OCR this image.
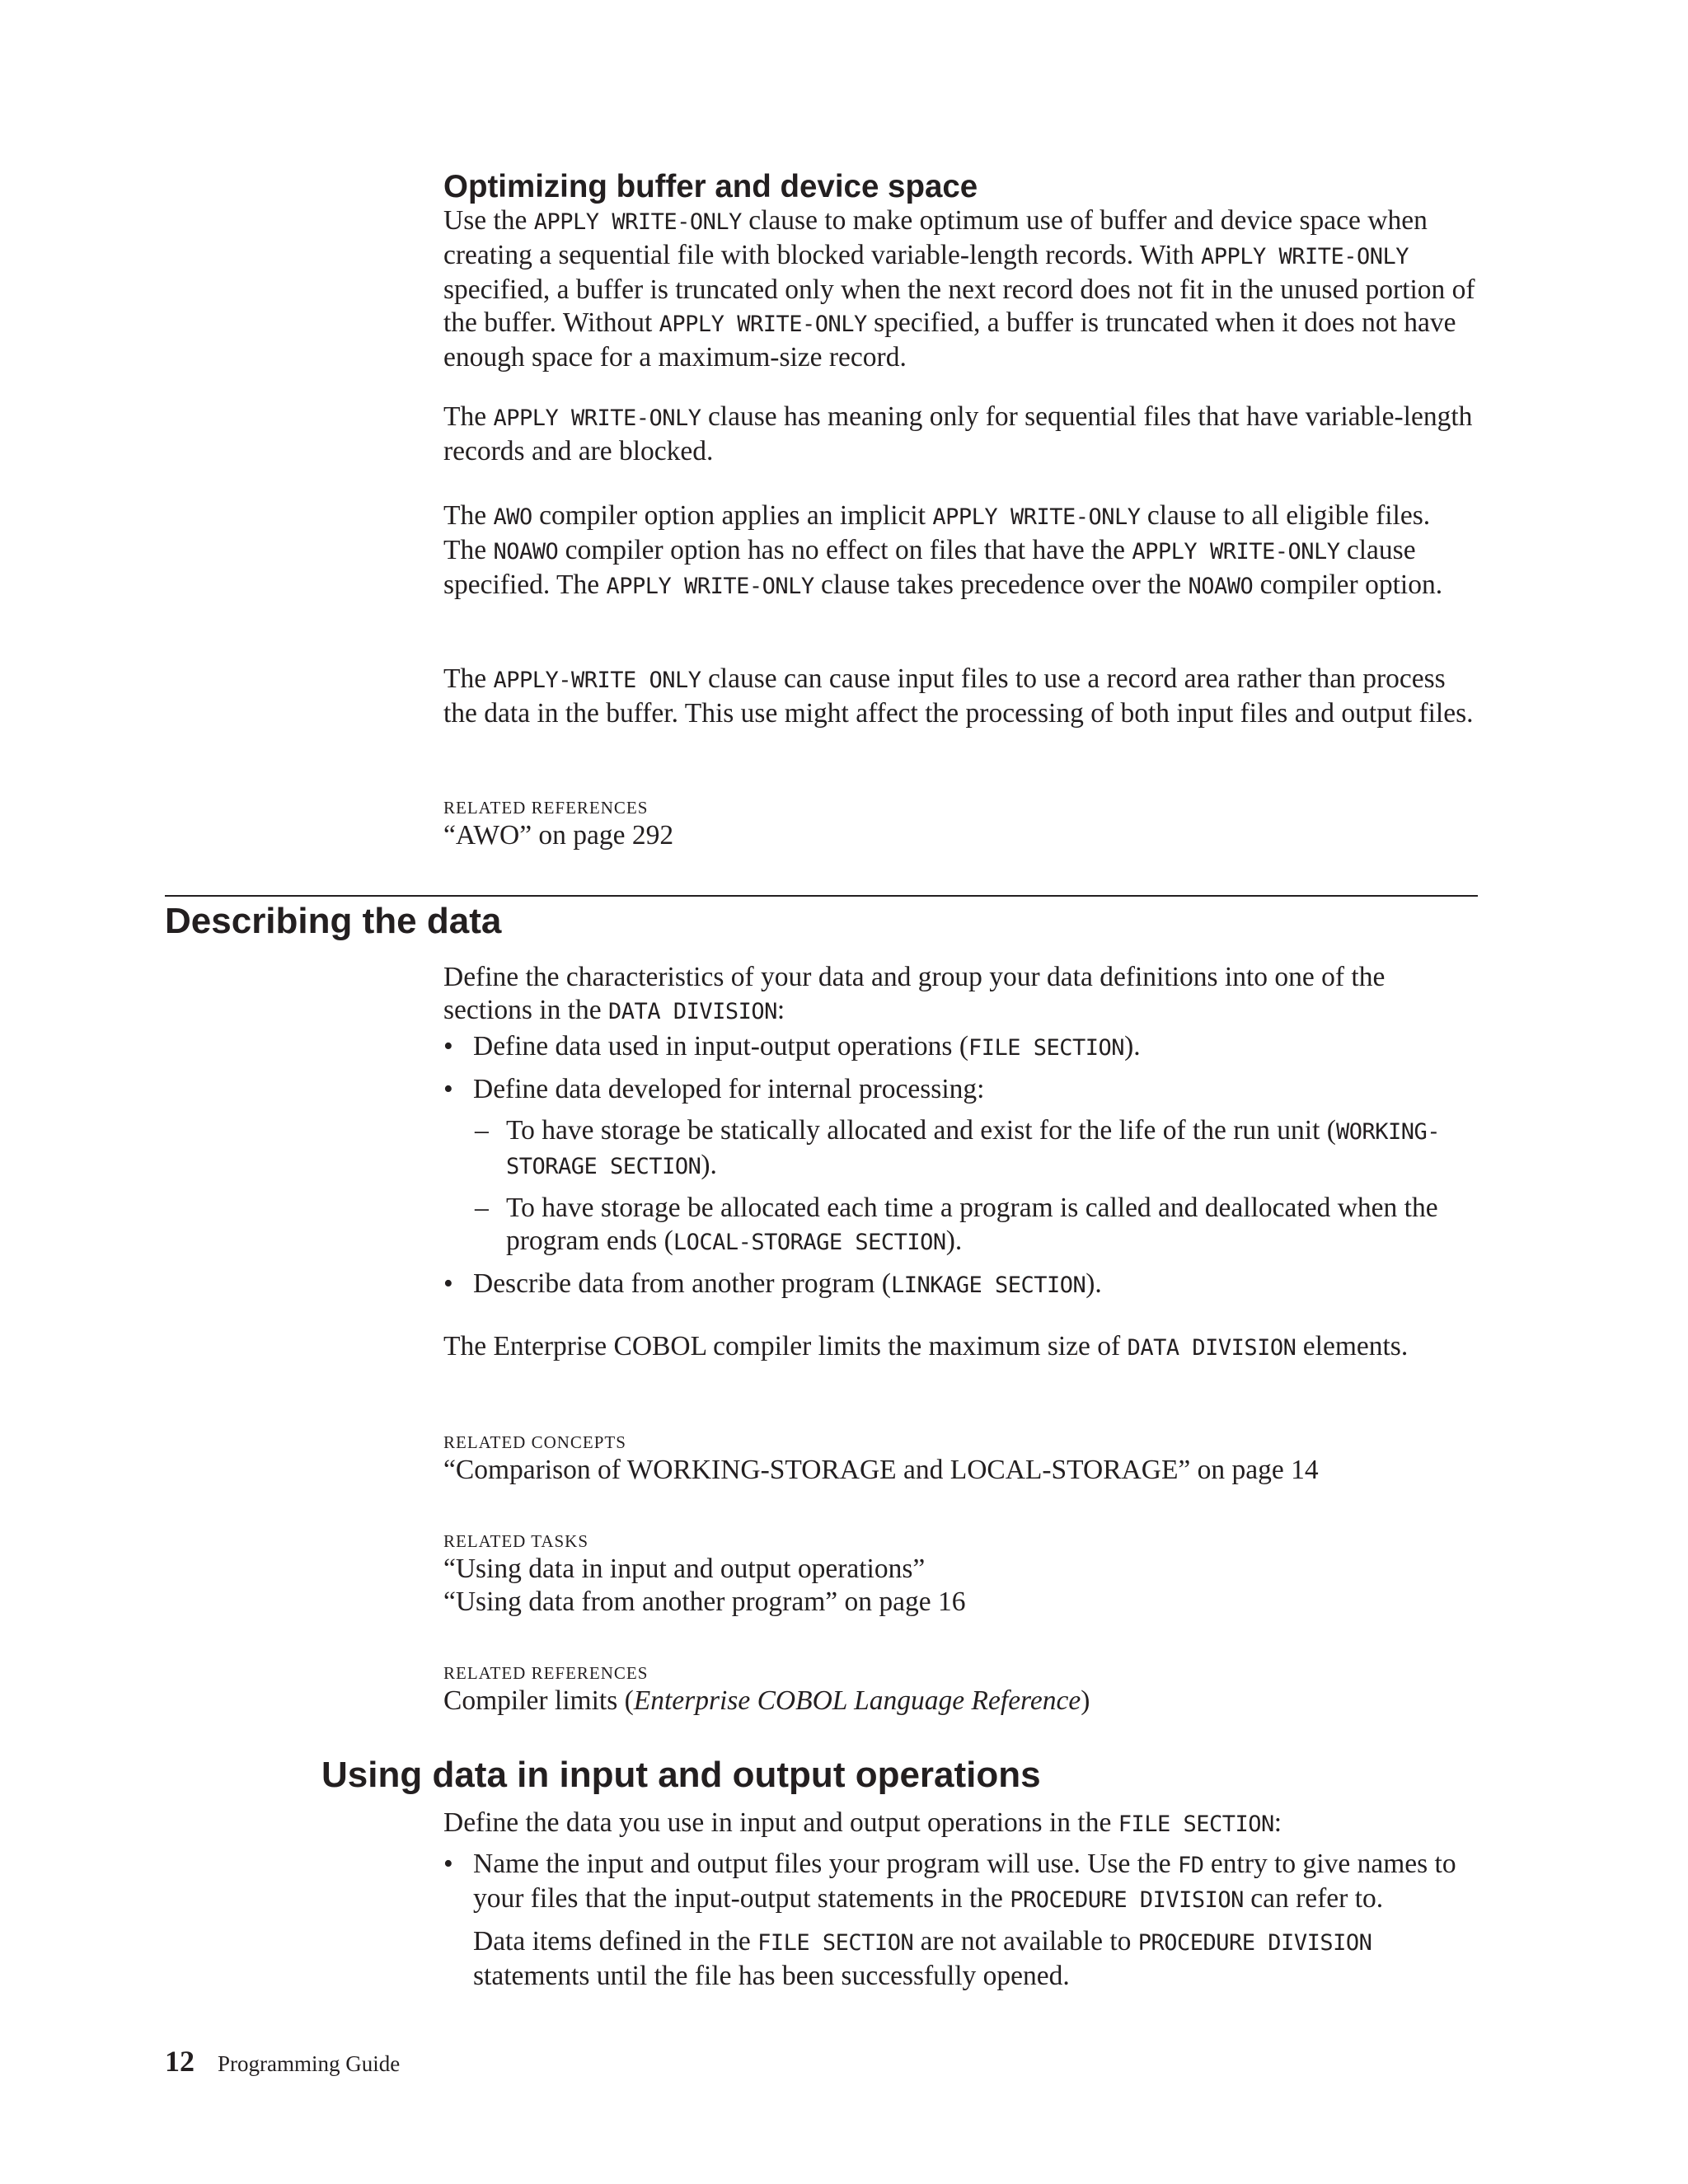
Optimizing buffer and device space
Use the APPLY WRITE-ONLY clause to make optimum use of buffer and device space when creating a sequential file with blocked variable-length records. With APPLY WRITE-ONLY specified, a buffer is truncated only when the next record does not fit in the unused portion of the buffer. Without APPLY WRITE-ONLY specified, a buffer is truncated when it does not have enough space for a maximum-size record.
The APPLY WRITE-ONLY clause has meaning only for sequential files that have variable-length records and are blocked.
The AWO compiler option applies an implicit APPLY WRITE-ONLY clause to all eligible files. The NOAWO compiler option has no effect on files that have the APPLY WRITE-ONLY clause specified. The APPLY WRITE-ONLY clause takes precedence over the NOAWO compiler option.
The APPLY-WRITE ONLY clause can cause input files to use a record area rather than process the data in the buffer. This use might affect the processing of both input files and output files.
RELATED REFERENCES
“AWO” on page 292
Describing the data
Define the characteristics of your data and group your data definitions into one of the sections in the DATA DIVISION:
• Define data used in input-output operations (FILE SECTION).
• Define data developed for internal processing:
– To have storage be statically allocated and exist for the life of the run unit (WORKING-STORAGE SECTION).
– To have storage be allocated each time a program is called and deallocated when the program ends (LOCAL-STORAGE SECTION).
• Describe data from another program (LINKAGE SECTION).
The Enterprise COBOL compiler limits the maximum size of DATA DIVISION elements.
RELATED CONCEPTS
“Comparison of WORKING-STORAGE and LOCAL-STORAGE” on page 14
RELATED TASKS
“Using data in input and output operations”
“Using data from another program” on page 16
RELATED REFERENCES
Compiler limits (Enterprise COBOL Language Reference)
Using data in input and output operations
Define the data you use in input and output operations in the FILE SECTION:
• Name the input and output files your program will use. Use the FD entry to give names to your files that the input-output statements in the PROCEDURE DIVISION can refer to.
Data items defined in the FILE SECTION are not available to PROCEDURE DIVISION statements until the file has been successfully opened.
12 Programming Guide
